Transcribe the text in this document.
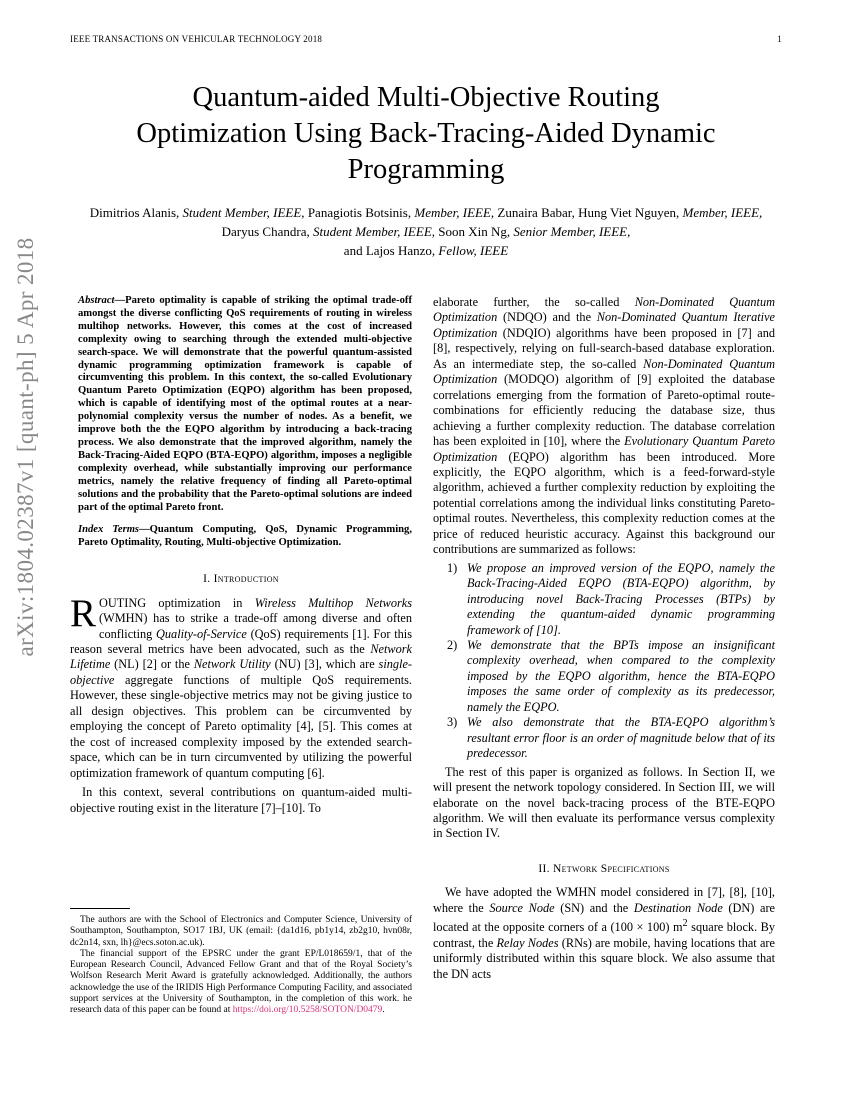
IEEE TRANSACTIONS ON VEHICULAR TECHNOLOGY 2018	1
arXiv:1804.02387v1 [quant-ph] 5 Apr 2018
Quantum-aided Multi-Objective Routing
Optimization Using Back-Tracing-Aided Dynamic
Programming
Dimitrios Alanis, Student Member, IEEE, Panagiotis Botsinis, Member, IEEE, Zunaira Babar, Hung Viet Nguyen, Member, IEEE, Daryus Chandra, Student Member, IEEE, Soon Xin Ng, Senior Member, IEEE,
and Lajos Hanzo, Fellow, IEEE
Abstract—Pareto optimality is capable of striking the optimal trade-off amongst the diverse conflicting QoS requirements of routing in wireless multihop networks. However, this comes at the cost of increased complexity owing to searching through the extended multi-objective search-space. We will demonstrate that the powerful quantum-assisted dynamic programming optimization framework is capable of circumventing this problem. In this context, the so-called Evolutionary Quantum Pareto Optimization (EQPO) algorithm has been proposed, which is capable of identifying most of the optimal routes at a near-polynomial complexity versus the number of nodes. As a benefit, we improve both the the EQPO algorithm by introducing a back-tracing process. We also demonstrate that the improved algorithm, namely the Back-Tracing-Aided EQPO (BTA-EQPO) algorithm, imposes a negligible complexity overhead, while substantially improving our performance metrics, namely the relative frequency of finding all Pareto-optimal solutions and the probability that the Pareto-optimal solutions are indeed part of the optimal Pareto front.
Index Terms—Quantum Computing, QoS, Dynamic Programming, Pareto Optimality, Routing, Multi-objective Optimization.
I. Introduction
ROUTING optimization in Wireless Multihop Networks (WMHN) has to strike a trade-off among diverse and often conflicting Quality-of-Service (QoS) requirements [1]. For this reason several metrics have been advocated, such as the Network Lifetime (NL) [2] or the Network Utility (NU) [3], which are single-objective aggregate functions of multiple QoS requirements. However, these single-objective metrics may not be giving justice to all design objectives. This problem can be circumvented by employing the concept of Pareto optimality [4], [5]. This comes at the cost of increased complexity imposed by the extended search-space, which can be in turn circumvented by utilizing the powerful optimization framework of quantum computing [6].
In this context, several contributions on quantum-aided multi-objective routing exist in the literature [7]–[10]. To
The authors are with the School of Electronics and Computer Science, University of Southampton, Southampton, SO17 1BJ, UK (email: {da1d16, pb1y14, zb2g10, hvn08r, dc2n14, sxn, lh}@ecs.soton.ac.uk).
The financial support of the EPSRC under the grant EP/L018659/1, that of the European Research Council, Advanced Fellow Grant and that of the Royal Society’s Wolfson Research Merit Award is gratefully acknowledged. Additionally, the authors acknowledge the use of the IRIDIS High Performance Computing Facility, and associated support services at the University of Southampton, in the completion of this work. he research data of this paper can be found at https://doi.org/10.5258/SOTON/D0479.
elaborate further, the so-called Non-Dominated Quantum Optimization (NDQO) and the Non-Dominated Quantum Iterative Optimization (NDQIO) algorithms have been proposed in [7] and [8], respectively, relying on full-search-based database exploration. As an intermediate step, the so-called Non-Dominated Quantum Optimization (MODQO) algorithm of [9] exploited the database correlations emerging from the formation of Pareto-optimal route-combinations for efficiently reducing the database size, thus achieving a further complexity reduction. The database correlation has been exploited in [10], where the Evolutionary Quantum Pareto Optimization (EQPO) algorithm has been introduced. More explicitly, the EQPO algorithm, which is a feed-forward-style algorithm, achieved a further complexity reduction by exploiting the potential correlations among the individual links constituting Pareto-optimal routes. Nevertheless, this complexity reduction comes at the price of reduced heuristic accuracy. Against this background our contributions are summarized as follows:
1) We propose an improved version of the EQPO, namely the Back-Tracing-Aided EQPO (BTA-EQPO) algorithm, by introducing novel Back-Tracing Processes (BTPs) by extending the quantum-aided dynamic programming framework of [10].
2) We demonstrate that the BPTs impose an insignificant complexity overhead, when compared to the complexity imposed by the EQPO algorithm, hence the BTA-EQPO imposes the same order of complexity as its predecessor, namely the EQPO.
3) We also demonstrate that the BTA-EQPO algorithm’s resultant error floor is an order of magnitude below that of its predecessor.
The rest of this paper is organized as follows. In Section II, we will present the network topology considered. In Section III, we will elaborate on the novel back-tracing process of the BTE-EQPO algorithm. We will then evaluate its performance versus complexity in Section IV.
II. Network Specifications
We have adopted the WMHN model considered in [7], [8], [10], where the Source Node (SN) and the Destination Node (DN) are located at the opposite corners of a (100 × 100) $m^2$ square block. By contrast, the Relay Nodes (RNs) are mobile, having locations that are uniformly distributed within this square block. We also assume that the DN acts
